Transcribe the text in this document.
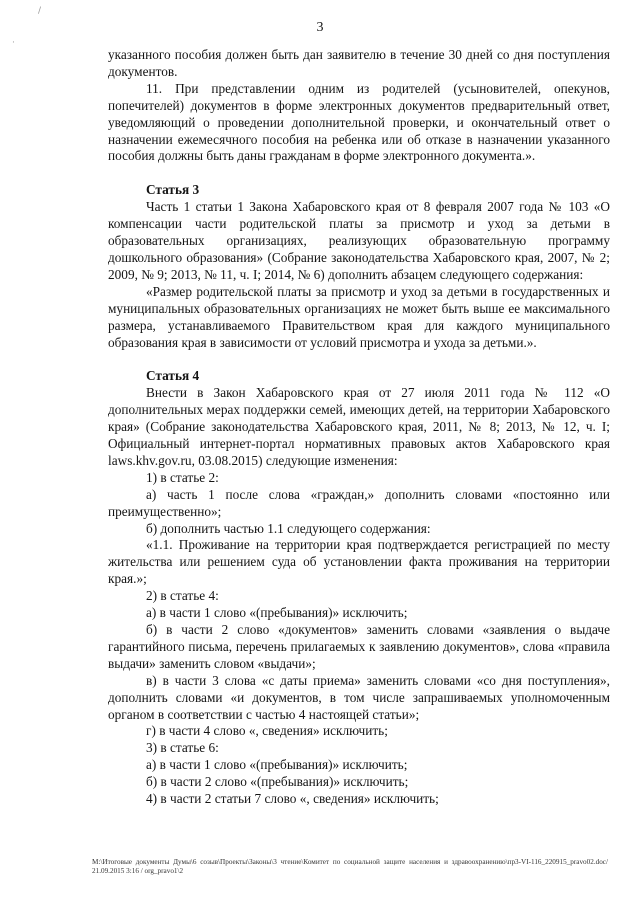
/
·
3

указанного пособия должен быть дан заявителю в течение 30 дней со дня поступления документов.

11. При представлении одним из родителей (усыновителей, опекунов, попечителей) документов в форме электронных документов предварительный ответ, уведомляющий о проведении дополнительной проверки, и окончательный ответ о назначении ежемесячного пособия на ребенка или об отказе в назначении указанного пособия должны быть даны гражданам в форме электронного документа.».

Статья 3

Часть 1 статьи 1 Закона Хабаровского края от 8 февраля 2007 года № 103 «О компенсации части родительской платы за присмотр и уход за детьми в образовательных организациях, реализующих образовательную программу дошкольного образования» (Собрание законодательства Хабаровского края, 2007, № 2; 2009, № 9; 2013, № 11, ч. I; 2014, № 6) дополнить абзацем следующего содержания:

«Размер родительской платы за присмотр и уход за детьми в государственных и муниципальных образовательных организациях не может быть выше ее максимального размера, устанавливаемого Правительством края для каждого муниципального образования края в зависимости от условий присмотра и ухода за детьми.».

Статья 4

Внести в Закон Хабаровского края от 27 июля 2011 года № 112 «О дополнительных мерах поддержки семей, имеющих детей, на территории Хабаровского края» (Собрание законодательства Хабаровского края, 2011, № 8; 2013, № 12, ч. I; Официальный интернет-портал нормативных правовых актов Хабаровского края laws.khv.gov.ru, 03.08.2015) следующие изменения:

1) в статье 2:

а) часть 1 после слова «граждан,» дополнить словами «постоянно или преимущественно»;

б) дополнить частью 1.1 следующего содержания:

«1.1. Проживание на территории края подтверждается регистрацией по месту жительства или решением суда об установлении факта проживания на территории края.»;

2) в статье 4:

а) в части 1 слово «(пребывания)» исключить;

б) в части 2 слово «документов» заменить словами «заявления о выдаче гарантийного письма, перечень прилагаемых к заявлению документов», слова «правила выдачи» заменить словом «выдачи»;

в) в части 3 слова «с даты приема» заменить словами «со дня поступления», дополнить словами «и документов, в том числе запрашиваемых уполномоченным органом в соответствии с частью 4 настоящей статьи»;

г) в части 4 слово «, сведения» исключить;

3) в статье 6:

а) в части 1 слово «(пребывания)» исключить;

б) в части 2 слово «(пребывания)» исключить;

4) в части 2 статьи 7 слово «, сведения» исключить;

M:\Итоговые документы Думы\6 созыв\Проекты\Законы\3 чтение\Комитет по социальной защите населения и здравоохранению\пр3-VI-116_220915_pravo02.doc/ 21.09.2015 3:16 / org_pravo1\2
